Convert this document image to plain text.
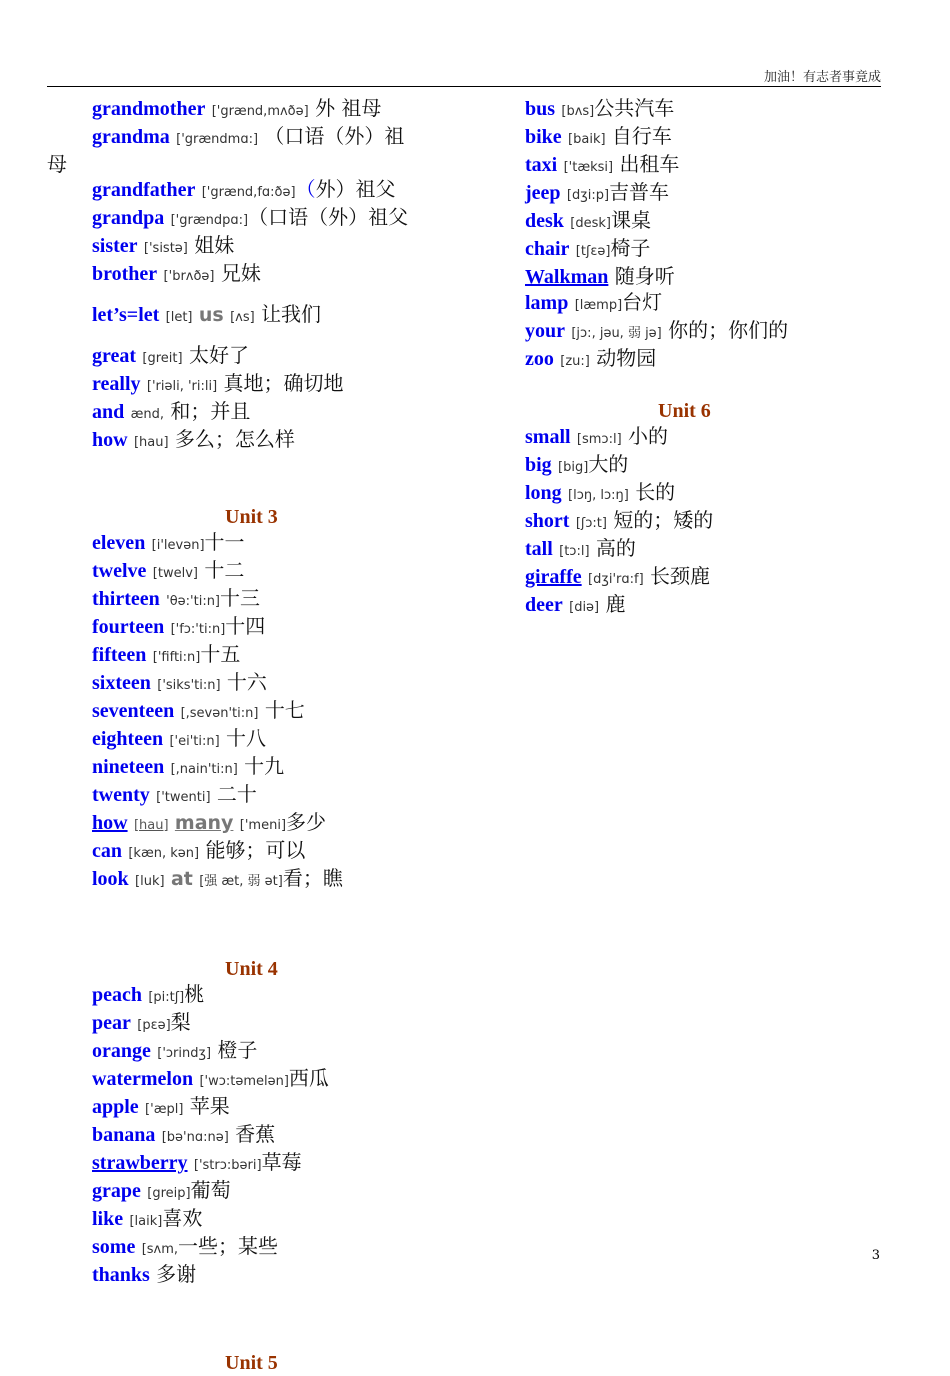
加油！有志者事竟成
grandmother ['grænd,mʌðə] 外 祖母
grandma ['grændmɑ:] （口语（外）祖
母
grandfather ['grænd,fɑ:ðə]（外）祖父
grandpa ['grændpɑ:]（口语（外）祖父
sister ['sistə] 姐妹
brother ['brʌðə] 兄妹
let’s=let [let] us [ʌs] 让我们
great [greit] 太好了
really ['riəli, 'ri:li] 真地；确切地
and ænd, 和；并且
how [hau] 多么；怎么样
Unit 3
eleven [i'levən]十一
twelve [twelv] 十二
thirteen 'θə:'ti:n]十三
fourteen ['fɔ:'ti:n]十四
fifteen ['fifti:n]十五
sixteen ['siks'ti:n] 十六
seventeen [,sevən'ti:n] 十七
eighteen ['ei'ti:n] 十八
nineteen [,nain'ti:n] 十九
twenty ['twenti] 二十
how [hau] many ['meni]多少
can [kæn, kən] 能够；可以
look [luk] at [强 æt, 弱 ət]看；瞧
Unit 4
peach [pi:tʃ]桃
pear [pεə]梨
orange ['ɔrindʒ] 橙子
watermelon ['wɔ:təmelən]西瓜
apple ['æpl] 苹果
banana [bə'nɑ:nə] 香蕉
strawberry ['strɔ:bəri]草莓
grape [greip]葡萄
like [laik]喜欢
some [sʌm,一些；某些
thanks 多谢
Unit 5
bus [bʌs]公共汽车
bike [baik] 自行车
taxi ['tæksi] 出租车
jeep [dʒi:p]吉普车
desk [desk]课桌
chair [tʃεə]椅子
Walkman 随身听
lamp [læmp]台灯
your [jɔ:, jəu, 弱 jə] 你的；你们的
zoo [zu:] 动物园
Unit 6
small [smɔ:l] 小的
big [big]大的
long [lɔŋ, lɔ:ŋ] 长的
short [ʃɔ:t] 短的；矮的
tall [tɔ:l] 高的
giraffe [dʒi'rɑ:f] 长颈鹿
deer [diə] 鹿
3
